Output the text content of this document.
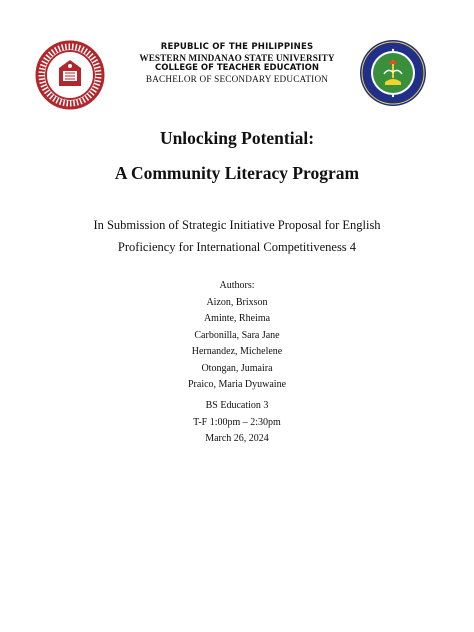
REPUBLIC OF THE PHILIPPINES
WESTERN MINDANAO STATE UNIVERSITY
COLLEGE OF TEACHER EDUCATION
BACHELOR OF SECONDARY EDUCATION
Unlocking Potential:
A Community Literacy Program
In Submission of Strategic Initiative Proposal for English
Proficiency for International Competitiveness 4
Authors:
Aizon, Brixson
Aminte, Rheima
Carbonilla, Sara Jane
Hernandez, Michelene
Otongan, Jumaira
Praico, Maria Dyuwaine
BS Education 3
T-F 1:00pm – 2:30pm
March 26, 2024
